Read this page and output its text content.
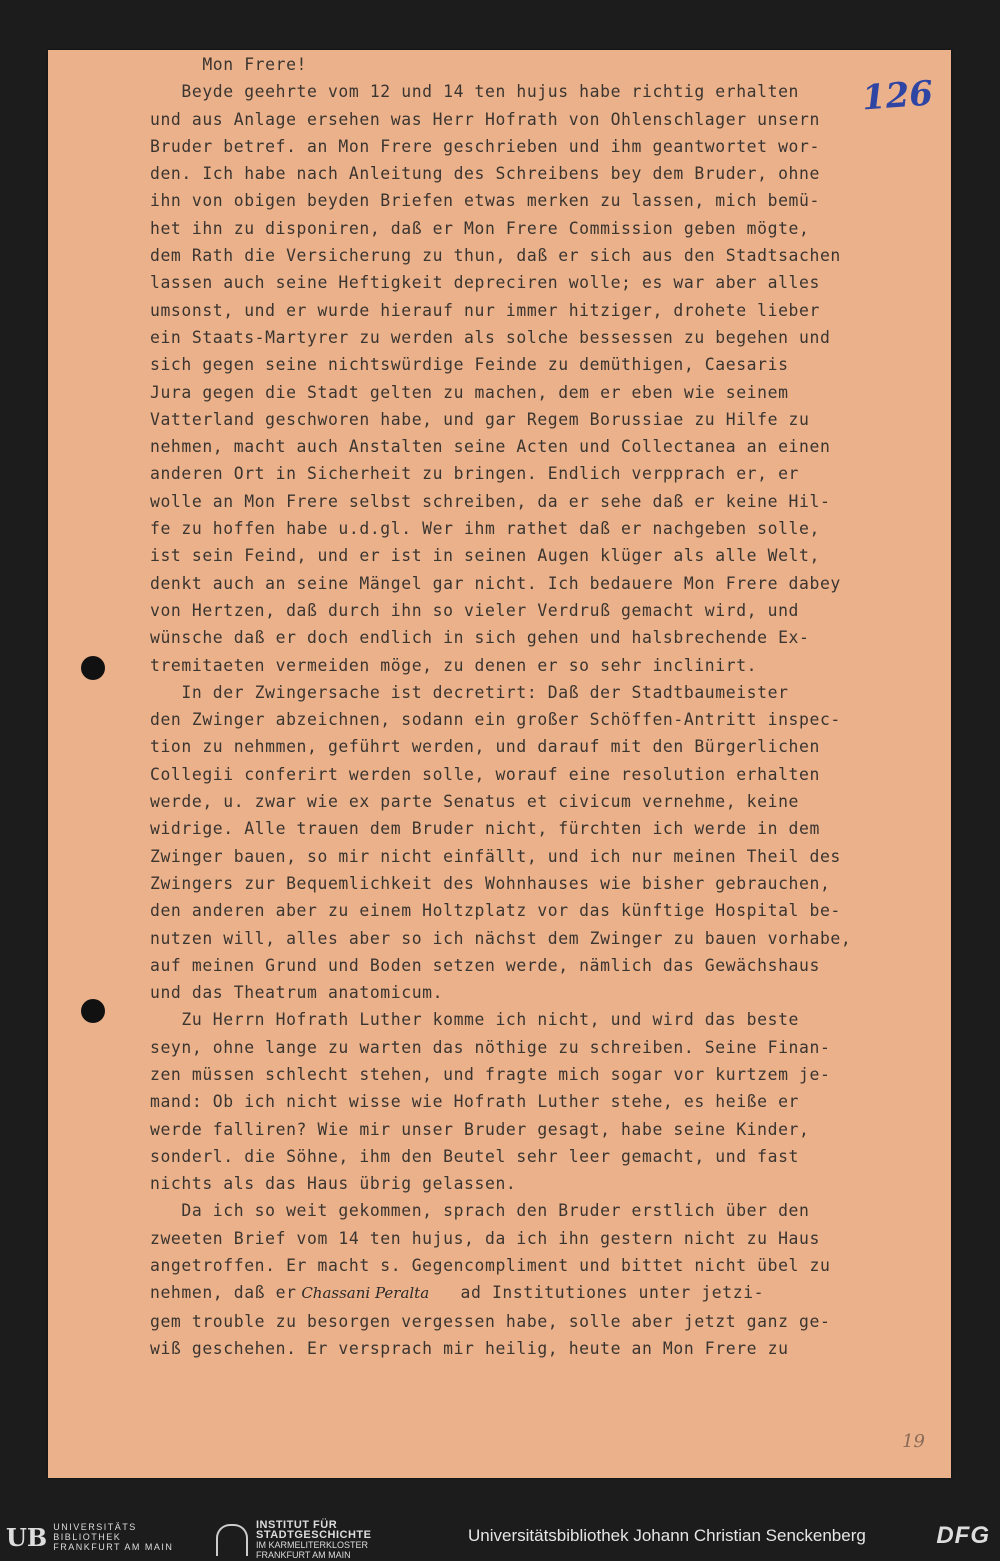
126
19
Mon Frere!
Beyde geehrte vom 12 und 14 ten hujus habe richtig erhalten
und aus Anlage ersehen was Herr Hofrath von Ohlenschlager unsern
Bruder betref. an Mon Frere geschrieben und ihm geantwortet wor-
den. Ich habe nach Anleitung des Schreibens bey dem Bruder, ohne
ihn von obigen beyden Briefen etwas merken zu lassen, mich bemü-
het ihn zu disponiren, daß er Mon Frere Commission geben mögte,
dem Rath die Versicherung zu thun, daß er sich aus den Stadtsachen
lassen auch seine Heftigkeit depreciren wolle; es war aber alles
umsonst, und er wurde hierauf nur immer hitziger, drohete lieber
ein Staats-Martyrer zu werden als solche bessessen zu begehen und
sich gegen seine nichtswürdige Feinde zu demüthigen, Caesaris
Jura gegen die Stadt gelten zu machen, dem er eben wie seinem
Vatterland geschworen habe, und gar Regem Borussiae zu Hilfe zu
nehmen, macht auch Anstalten seine Acten und Collectanea an einen
anderen Ort in Sicherheit zu bringen. Endlich verpprach er, er
wolle an Mon Frere selbst schreiben, da er sehe daß er keine Hil-
fe zu hoffen habe u.d.gl. Wer ihm rathet daß er nachgeben solle,
ist sein Feind, und er ist in seinen Augen klüger als alle Welt,
denkt auch an seine Mängel gar nicht. Ich bedauere Mon Frere dabey
von Hertzen, daß durch ihn so vieler Verdruß gemacht wird, und
wünsche daß er doch endlich in sich gehen und halsbrechende Ex-
tremitaeten vermeiden möge, zu denen er so sehr inclinirt.
In der Zwingersache ist decretirt: Daß der Stadtbaumeister
den Zwinger abzeichnen, sodann ein großer Schöffen-Antritt inspec-
tion zu nehmmen, geführt werden, und darauf mit den Bürgerlichen
Collegii conferirt werden solle, worauf eine resolution erhalten
werde, u. zwar wie ex parte Senatus et civicum vernehme, keine
widrige. Alle trauen dem Bruder nicht, fürchten ich werde in dem
Zwinger bauen, so mir nicht einfällt, und ich nur meinen Theil des
Zwingers zur Bequemlichkeit des Wohnhauses wie bisher gebrauchen,
den anderen aber zu einem Holtzplatz vor das künftige Hospital be-
nutzen will, alles aber so ich nächst dem Zwinger zu bauen vorhabe,
auf meinen Grund und Boden setzen werde, nämlich das Gewächshaus
und das Theatrum anatomicum.
Zu Herrn Hofrath Luther komme ich nicht, und wird das beste
seyn, ohne lange zu warten das nöthige zu schreiben. Seine Finan-
zen müssen schlecht stehen, und fragte mich sogar vor kurtzem je-
mand: Ob ich nicht wisse wie Hofrath Luther stehe, es heiße er
werde falliren? Wie mir unser Bruder gesagt, habe seine Kinder,
sonderl. die Söhne, ihm den Beutel sehr leer gemacht, und fast
nichts als das Haus übrig gelassen.
Da ich so weit gekommen, sprach den Bruder erstlich über den
zweeten Brief vom 14 ten hujus, da ich ihn gestern nicht zu Haus
angetroffen. Er macht s. Gegencompliment und bittet nicht übel zu
nehmen, daß er Chassani Peralta   ad Institutiones unter jetzi-
gem trouble zu besorgen vergessen habe, solle aber jetzt ganz ge-
wiß geschehen. Er versprach mir heilig, heute an Mon Frere zu
UB UNIVERSITÄTS
BIBLIOTHEK
FRANKFURT AM MAIN
INSTITUT FÜR
STADTGESCHICHTE
IM KARMELITERKLOSTER
FRANKFURT AM MAIN
Universitätsbibliothek Johann Christian Senckenberg	DFG
